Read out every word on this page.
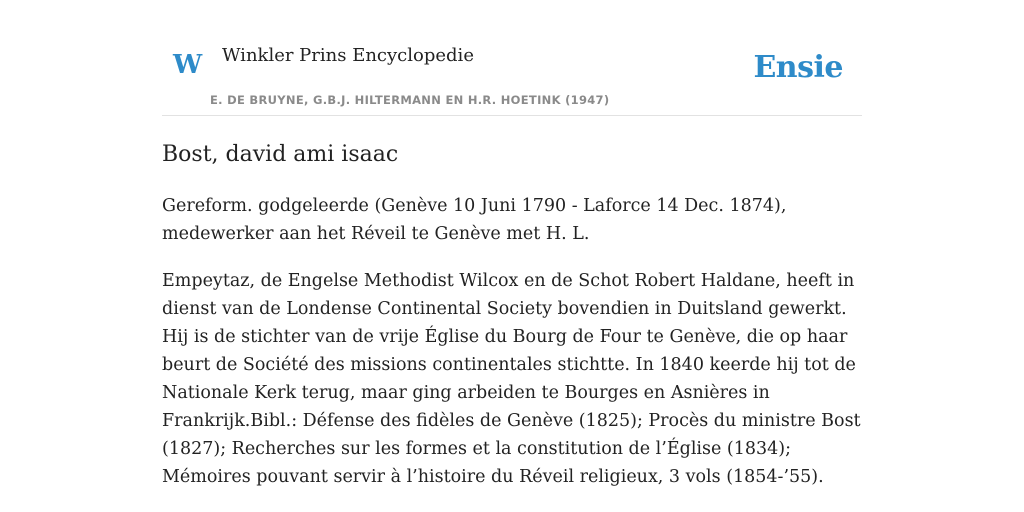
W Winkler Prins Encyclopedie
E. DE BRUYNE, G.B.J. HILTERMANN EN H.R. HOETINK (1947)
Ensie
Bost, david ami isaac

Gereform. godgeleerde (Genève 10 Juni 1790 - Laforce 14 Dec. 1874), medewerker aan het Réveil te Genève met H. L.

Empeytaz, de Engelse Methodist Wilcox en de Schot Robert Haldane, heeft in dienst van de Londense Continental Society bovendien in Duitsland gewerkt. Hij is de stichter van de vrije Église du Bourg de Four te Genève, die op haar beurt de Société des missions continentales stichtte. In 1840 keerde hij tot de Nationale Kerk terug, maar ging arbeiden te Bourges en Asnières in Frankrijk.Bibl.: Défense des fidèles de Genève (1825); Procès du ministre Bost (1827); Recherches sur les formes et la constitution de l’Église (1834); Mémoires pouvant servir à l’histoire du Réveil religieux, 3 vols (1854-’55).
